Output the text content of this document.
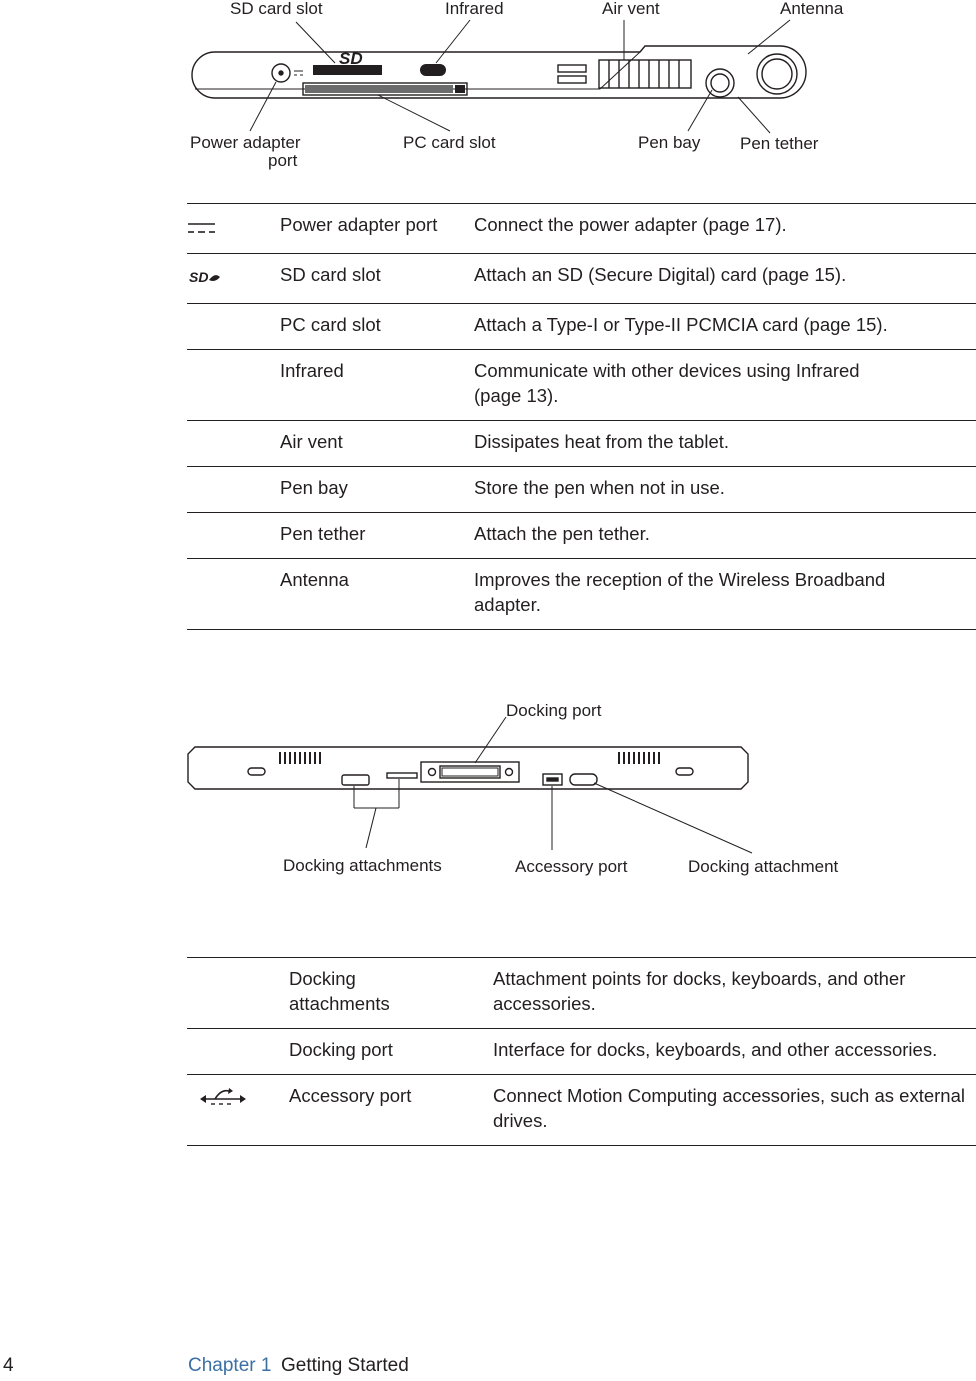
SD
SD card slot	Infrared	Air vent	Antenna
Power adapter
port
PC card slot	Pen bay Pen tether
	Power adapter port	Connect the power adapter (page 17).

SD	SD card slot	Attach an SD (Secure Digital) card (page 15).
	PC card slot	Attach a Type-I or Type-II PCMCIA card (page 15).
	Infrared	Communicate with other devices using Infrared (page 13).
	Air vent	Dissipates heat from the tablet.
	Pen bay	Store the pen when not in use.
	Pen tether	Attach the pen tether.
	Antenna	Improves the reception of the Wireless Broadband adapter.
Docking port
Docking attachments	Accessory port	Docking attachment
	Docking attachments	Attachment points for docks, keyboards, and other accessories.
	Docking port	Interface for docks, keyboards, and other accessories.
	Accessory port	Connect Motion Computing accessories, such as external drives.
4	Chapter 1 Getting Started
